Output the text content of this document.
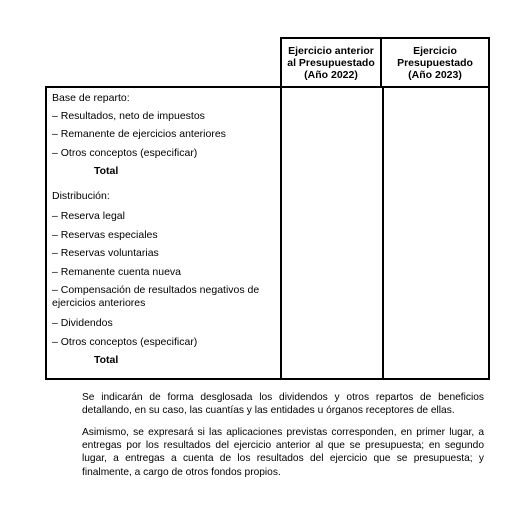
Ejercicio anterior
al Presupuestado
(Año 2022)
Ejercicio
Presupuestado
(Año 2023)
Base de reparto:
– Resultados, neto de impuestos
– Remanente de ejercicios anteriores
– Otros conceptos (especificar)
Total
Distribución:
– Reserva legal
– Reservas especiales
– Reservas voluntarias
– Remanente cuenta nueva
– Compensación de resultados negativos de ejercicios anteriores
– Dividendos
– Otros conceptos (especificar)
Total
Se indicarán de forma desglosada los dividendos y otros repartos de beneficios detallando, en su caso, las cuantías y las entidades u órganos receptores de ellas.
Asimismo, se expresará si las aplicaciones previstas corresponden, en primer lugar, a entregas por los resultados del ejercicio anterior al que se presupuesta; en segundo lugar, a entregas a cuenta de los resultados del ejercicio que se presupuesta; y finalmente, a cargo de otros fondos propios.
